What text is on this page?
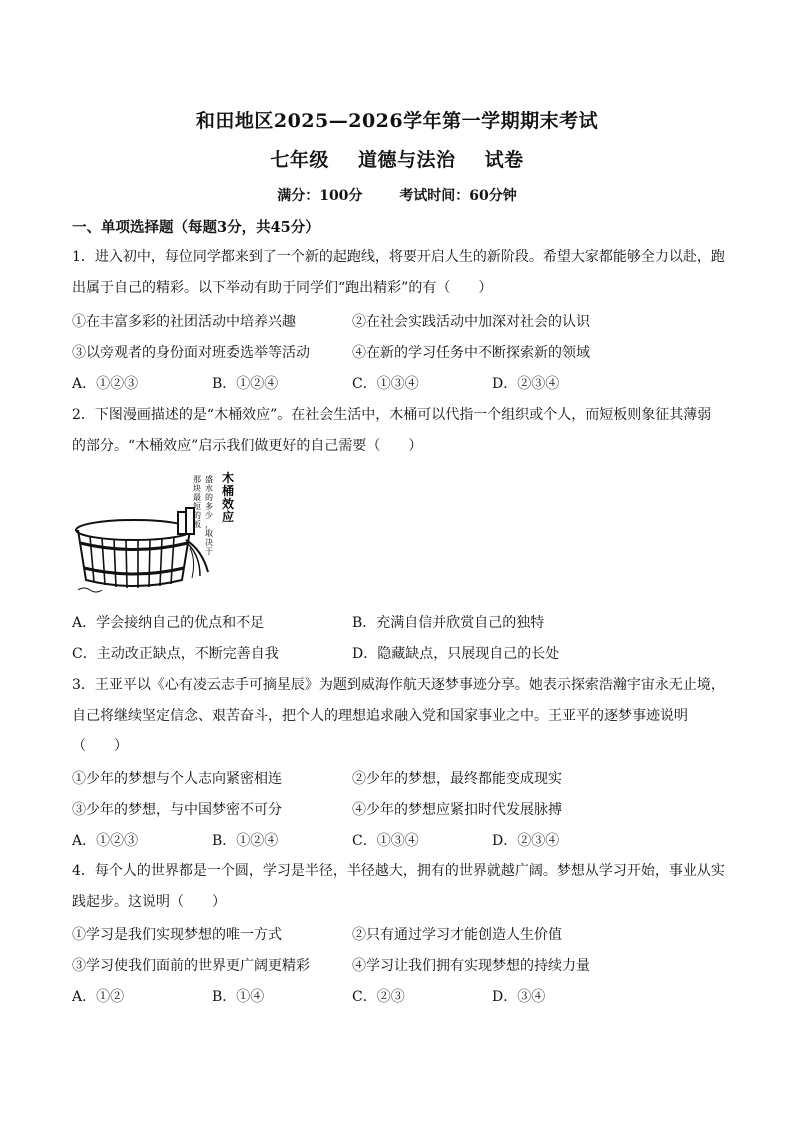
和田地区2025—2026学年第一学期期末考试
七年级 道德与法治 试卷
满分：100分	考试时间：60分钟
一、单项选择题（每题3分，共45分）
1．进入初中，每位同学都来到了一个新的起跑线，将要开启人生的新阶段。希望大家都能够全力以赴，跑
出属于自己的精彩。以下举动有助于同学们“跑出精彩”的有（　　）
①在丰富多彩的社团活动中培养兴趣	②在社会实践活动中加深对社会的认识
③以旁观者的身份面对班委选举等活动	④在新的学习任务中不断探索新的领域
A．①②③	B．①②④	C．①③④	D．②③④
2．下图漫画描述的是“木桶效应”。在社会生活中，木桶可以代指一个组织或个人，而短板则象征其薄弱
的部分。“木桶效应”启示我们做更好的自己需要（　　）
木桶效应
盛水的多少，取决于 那块最短的板
A．学会接纳自己的优点和不足	B．充满自信并欣赏自己的独特
C．主动改正缺点，不断完善自我	D．隐藏缺点，只展现自己的长处
3．王亚平以《心有凌云志手可摘星辰》为题到威海作航天逐梦事迹分享。她表示探索浩瀚宇宙永无止境，
自己将继续坚定信念、艰苦奋斗，把个人的理想追求融入党和国家事业之中。王亚平的逐梦事迹说明
（　　）
①少年的梦想与个人志向紧密相连	②少年的梦想，最终都能变成现实
③少年的梦想，与中国梦密不可分	④少年的梦想应紧扣时代发展脉搏
A．①②③	B．①②④	C．①③④	D．②③④
4．每个人的世界都是一个圆，学习是半径，半径越大，拥有的世界就越广阔。梦想从学习开始，事业从实
践起步。这说明（　　）
①学习是我们实现梦想的唯一方式	②只有通过学习才能创造人生价值
③学习使我们面前的世界更广阔更精彩	④学习让我们拥有实现梦想的持续力量
A．①②	B．①④	C．②③	D．③④
